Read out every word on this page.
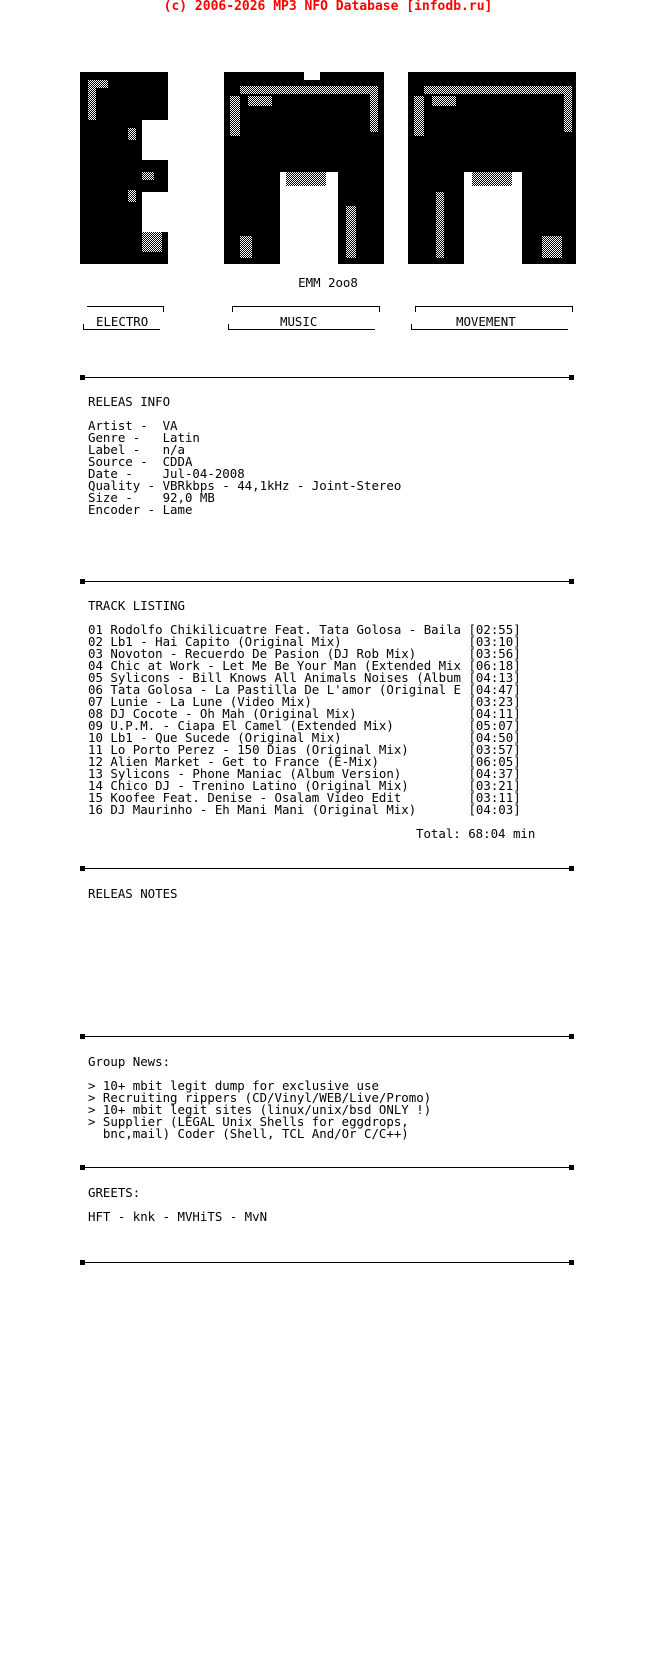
(c) 2006-2026 MP3 NFO Database [infodb.ru]
EMM 2oo8
ELECTRO	MUSIC	MOVEMENT
RELEAS INFO
Artist -  VA
Genre -   Latin
Label -   n/a
Source -  CDDA
Date -    Jul-04-2008
Quality - VBRkbps - 44,1kHz - Joint-Stereo
Size -    92,0 MB
Encoder - Lame
TRACK LISTING
01 Rodolfo Chikilicuatre Feat. Tata Golosa - Baila [02:55]
02 Lb1 - Hai Capito (Original Mix)                 [03:10]
03 Novoton - Recuerdo De Pasion (DJ Rob Mix)       [03:56]
04 Chic at Work - Let Me Be Your Man (Extended Mix [06:18]
05 Sylicons - Bill Knows All Animals Noises (Album [04:13]
06 Tata Golosa - La Pastilla De L'amor (Original E [04:47]
07 Lunie - La Lune (Video Mix)                     [03:23]
08 DJ Cocote - Oh Mah (Original Mix)               [04:11]
09 U.P.M. - Ciapa El Camel (Extended Mix)          [05:07]
10 Lb1 - Que Sucede (Original Mix)                 [04:50]
11 Lo Porto Perez - 150 Dias (Original Mix)        [03:57]
12 Alien Market - Get to France (E-Mix)            [06:05]
13 Sylicons - Phone Maniac (Album Version)         [04:37]
14 Chico DJ - Trenino Latino (Original Mix)        [03:21]
15 Koofee Feat. Denise - Osalam Video Edit         [03:11]
16 DJ Maurinho - Eh Mani Mani (Original Mix)       [04:03]
Total: 68:04 min
RELEAS NOTES
Group News:
> 10+ mbit legit dump for exclusive use
> Recruiting rippers (CD/Vinyl/WEB/Live/Promo)
> 10+ mbit legit sites (linux/unix/bsd ONLY !)
> Supplier (LEGAL Unix Shells for eggdrops,
bnc,mail) Coder (Shell, TCL And/Or C/C++)
GREETS:
HFT - knk - MVHiTS - MvN
